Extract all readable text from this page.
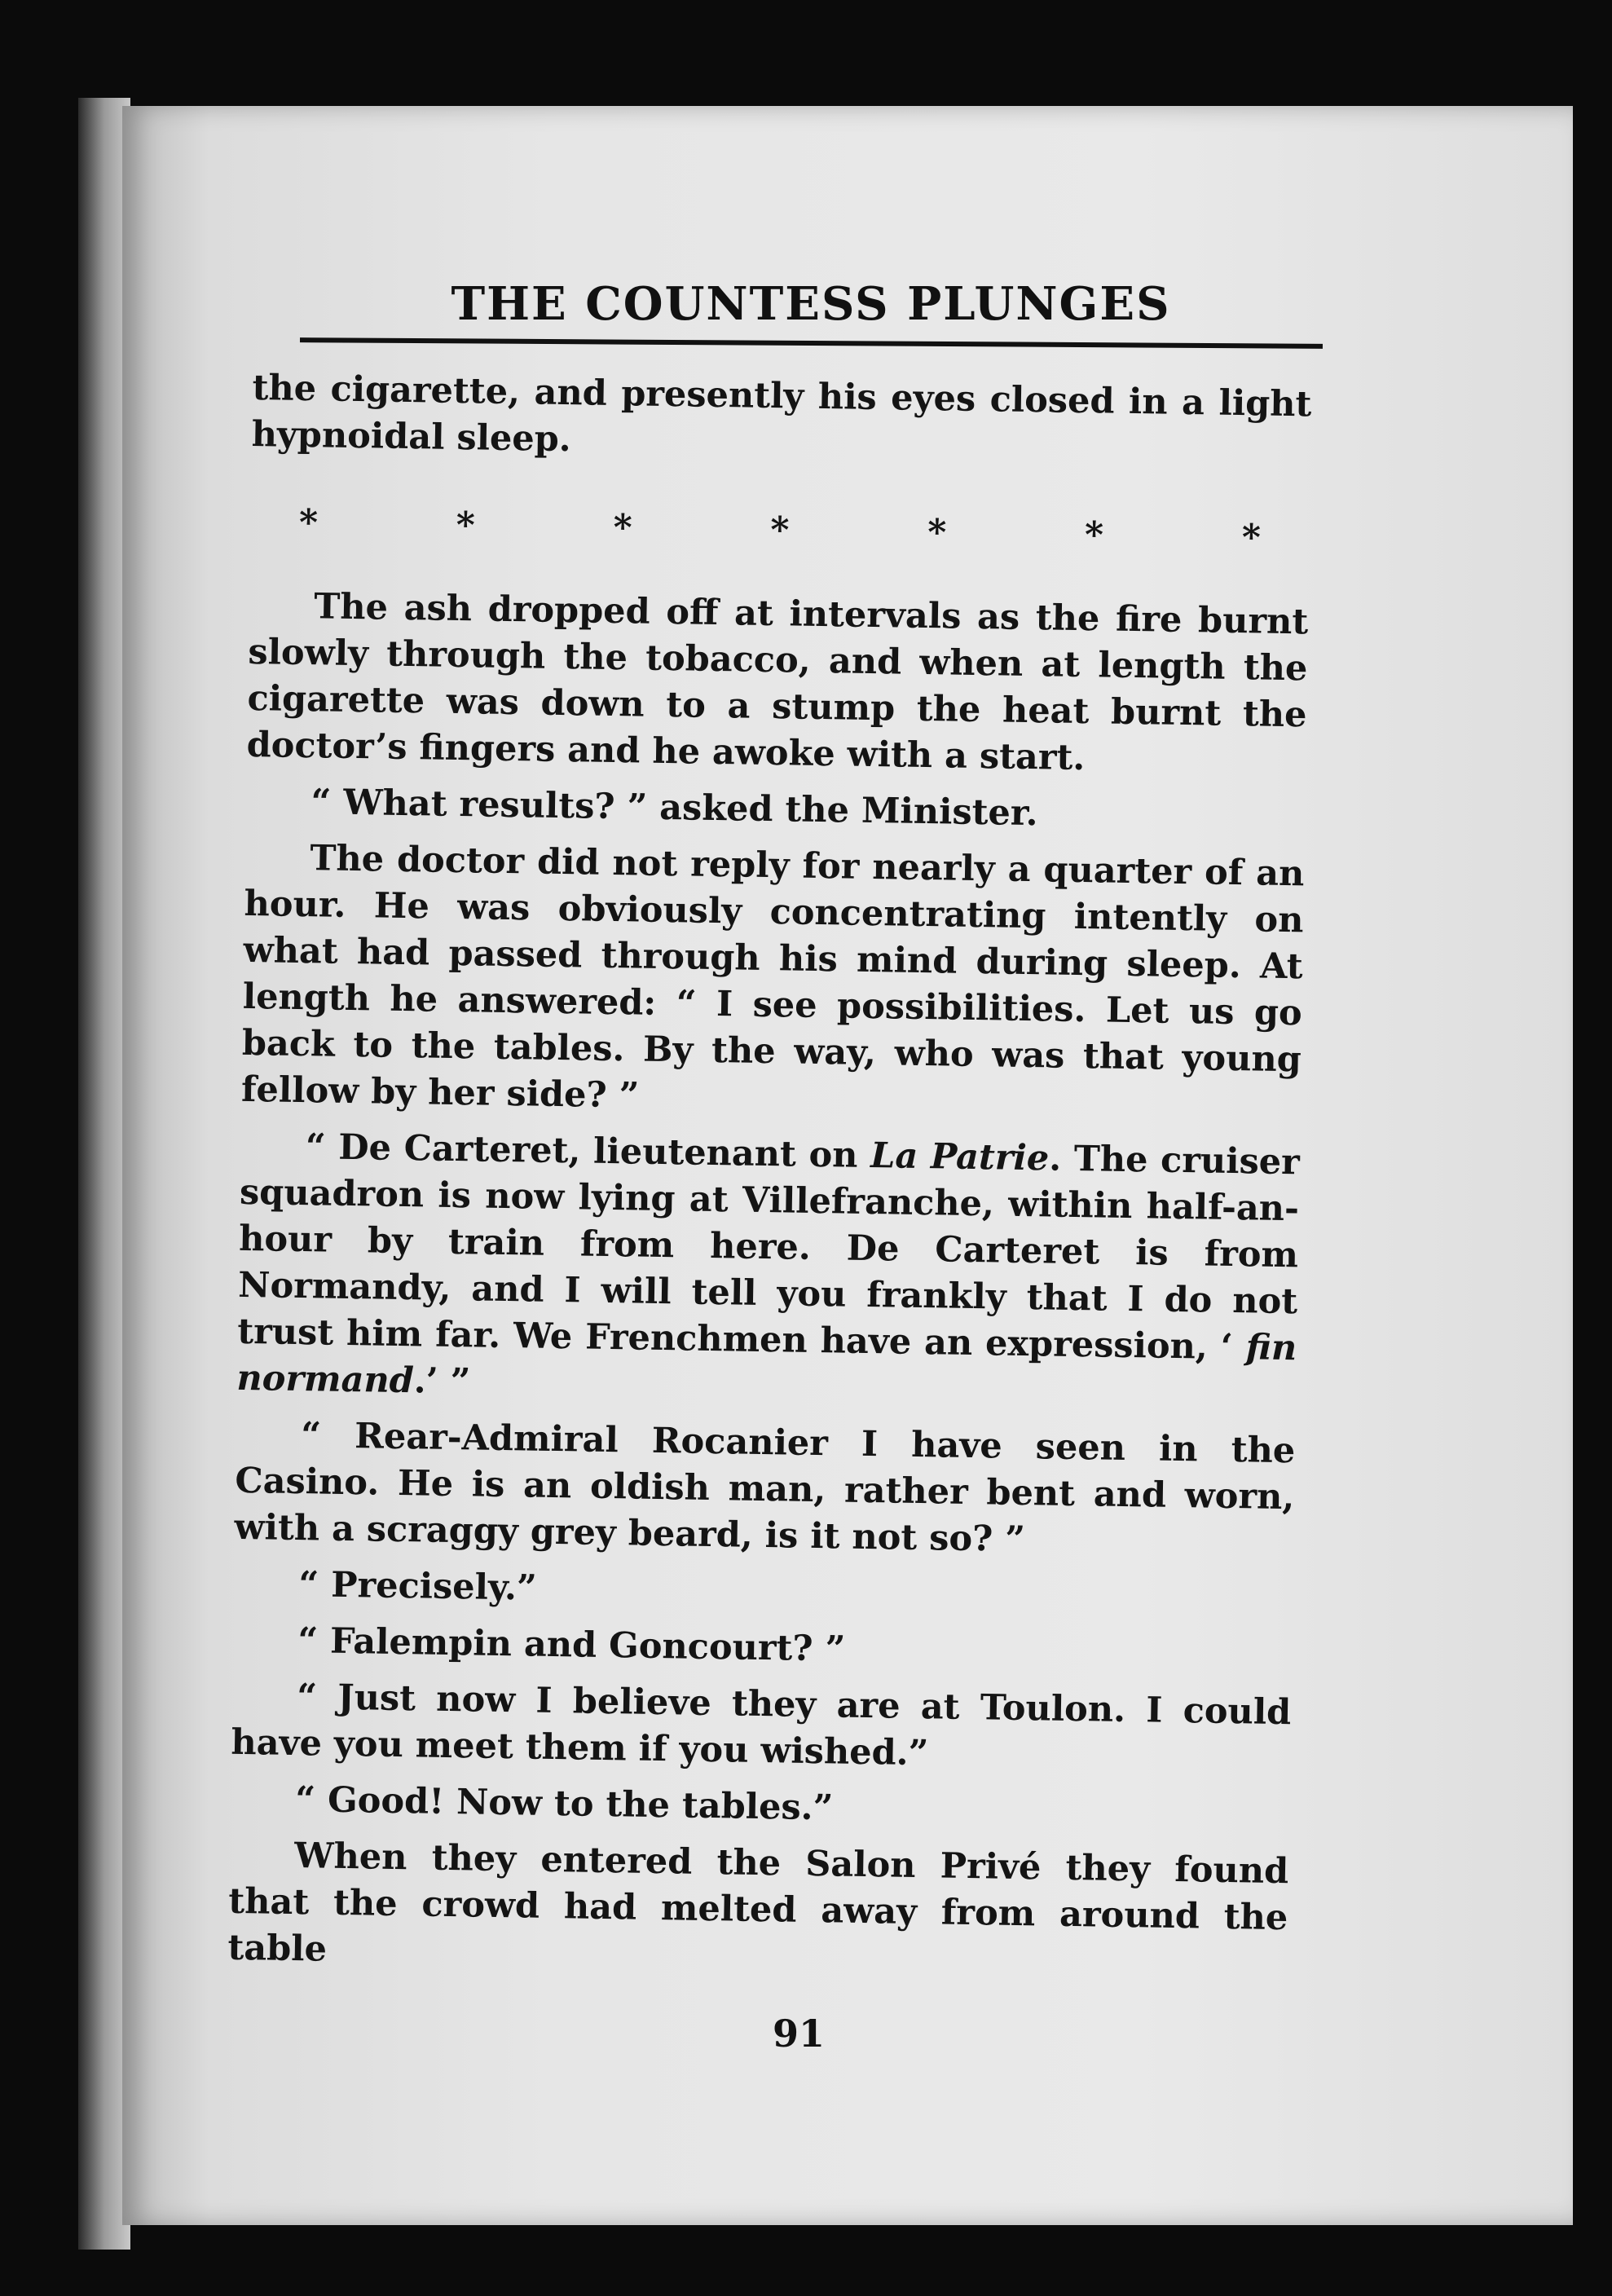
THE COUNTESS PLUNGES

the cigarette, and presently his eyes closed in a light hypnoidal sleep.

*	*	*	*	*	*	*

The ash dropped off at intervals as the fire burnt slowly through the tobacco, and when at length the cigarette was down to a stump the heat burnt the doctor’s fingers and he awoke with a start.

“ What results? ” asked the Minister.

The doctor did not reply for nearly a quarter of an hour. He was obviously concentrating intently on what had passed through his mind during sleep. At length he answered: “ I see possibilities. Let us go back to the tables. By the way, who was that young fellow by her side? ”

“ De Carteret, lieutenant on La Patrie. The cruiser squadron is now lying at Villefranche, within half-an-hour by train from here. De Carteret is from Normandy, and I will tell you frankly that I do not trust him far. We Frenchmen have an expression, ‘ fin normand.’ ”

“ Rear-Admiral Rocanier I have seen in the Casino. He is an oldish man, rather bent and worn, with a scraggy grey beard, is it not so? ”

“ Precisely.”

“ Falempin and Goncourt? ”

“ Just now I believe they are at Toulon. I could have you meet them if you wished.”

“ Good! Now to the tables.”

When they entered the Salon Privé they found that the crowd had melted away from around the table

91
